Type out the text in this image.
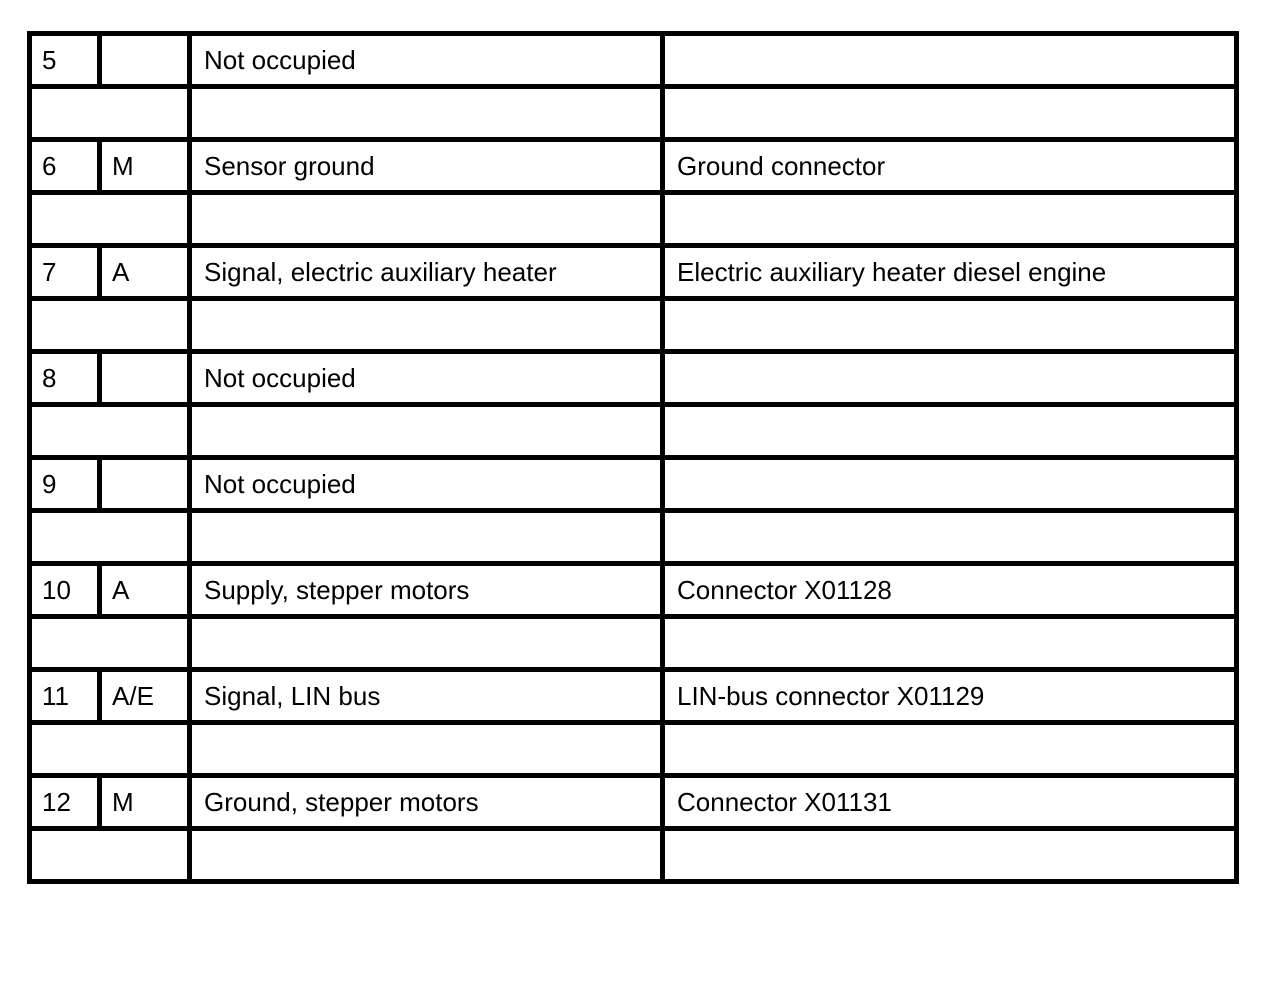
5		Not occupied	

6	M	Sensor ground	Ground connector

7	A	Signal, electric auxiliary heater	Electric auxiliary heater diesel engine

8		Not occupied	

9		Not occupied	

10	A	Supply, stepper motors	Connector X01128

11	A/E	Signal, LIN bus	LIN-bus connector X01129

12	M	Ground, stepper motors	Connector X01131
